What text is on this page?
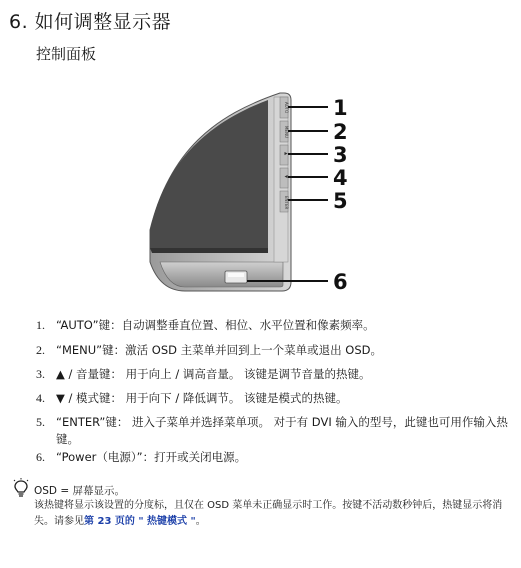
6. 如何调整显示器
控制面板
AUTO
MENU
▲
▼
ENTER
1
2
3
4
5
6
1. “AUTO”键：自动调整垂直位置、相位、水平位置和像素频率。
2. “MENU”键：激活 OSD 主菜单并回到上一个菜单或退出 OSD。
3. ▲ / 音量键： 用于向上 / 调高音量。 该键是调节音量的热键。
4. ▼ / 模式键： 用于向下 / 降低调节。 该键是模式的热键。
5. “ENTER”键： 进入子菜单并选择菜单项。 对于有 DVI 输入的型号，此键也可用作输入热键。
6. “Power（电源）”：打开或关闭电源。
OSD = 屏幕显示。
该热键将显示该设置的分度标，且仅在 OSD 菜单未正确显示时工作。按键不活动数秒钟后，热键显示将消失。请参见第 23 页的 " 热键模式 "。
